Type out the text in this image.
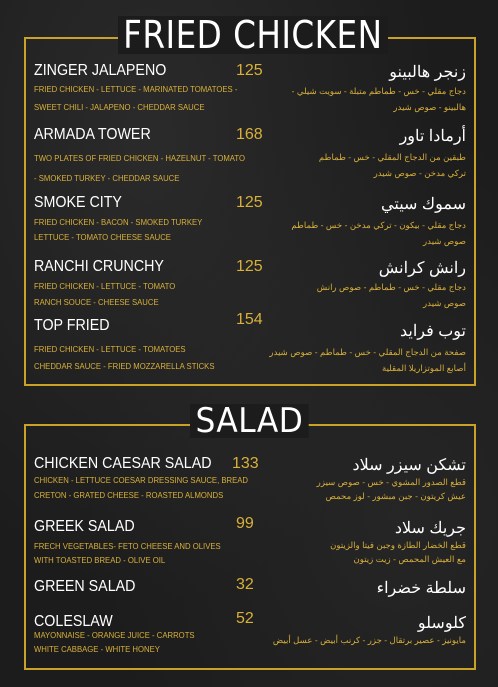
FRIED CHICKEN
SALAD
ZINGER JALAPENO	125
FRIED CHICKEN - LETTUCE - MARINATED TOMATOES -
SWEET CHILI - JALAPENO - CHEDDAR SAUCE
زنجر هالبينو
دجاج مقلي - خس - طماطم متبلة - سويت شيلي -
هالبينو - صوص شيدر
ARMADA TOWER	168
TWO PLATES OF FRIED CHICKEN - HAZELNUT - TOMATO
- SMOKED TURKEY - CHEDDAR SAUCE
أرمادا تاور
طبقين من الدجاج المقلي - خس - طماطم
تركي مدخن - صوص شيدر
SMOKE CITY	125
FRIED CHICKEN - BACON - SMOKED TURKEY
LETTUCE - TOMATO CHEESE SAUCE
سموك سيتي
دجاج مقلي - بيكون - تركي مدخن - خس - طماطم
صوص شيدر
RANCHI CRUNCHY	125
FRIED CHICKEN - LETTUCE - TOMATO
RANCH SOUCE - CHEESE SAUCE
رانش كرانش
دجاج مقلي - خس - طماطم - صوص رانش
صوص شيدر
TOP FRIED	154
FRIED CHICKEN - LETTUCE - TOMATOES
CHEDDAR SAUCE - FRIED MOZZARELLA STICKS
توب فرايد
صفحة من الدجاج المقلي - خس - طماطم - صوص شيدر
أصابع الموتزاريلا المقلية
CHICKEN CAESAR SALAD 133
CHICKEN - LETTUCE COESAR DRESSING SAUCE, BREAD
CRETON - GRATED CHEESE - ROASTED ALMONDS
تشكن سيزر سلاد
قطع الصدور المشوي - خس - صوص سيزر
عيش كريتون - جبن مبشور - لوز محمص
GREEK SALAD	99
FRECH VEGETABLES- FETO CHEESE AND OLIVES
WITH TOASTED BREAD - OLIVE OIL
جريك سلاد
قطع الخضار الطازة وجبن فيتا والزيتون
مع العيش المحمص - زيت زيتون
GREEN SALAD	32	سلطة خضراء
COLESLAW	52
MAYONNAISE - ORANGE JUICE - CARROTS
WHITE CABBAGE - WHITE HONEY
كلوسلو
مايونيز - عصير برتقال - جزر - كرنب أبيض - عسل أبيض
